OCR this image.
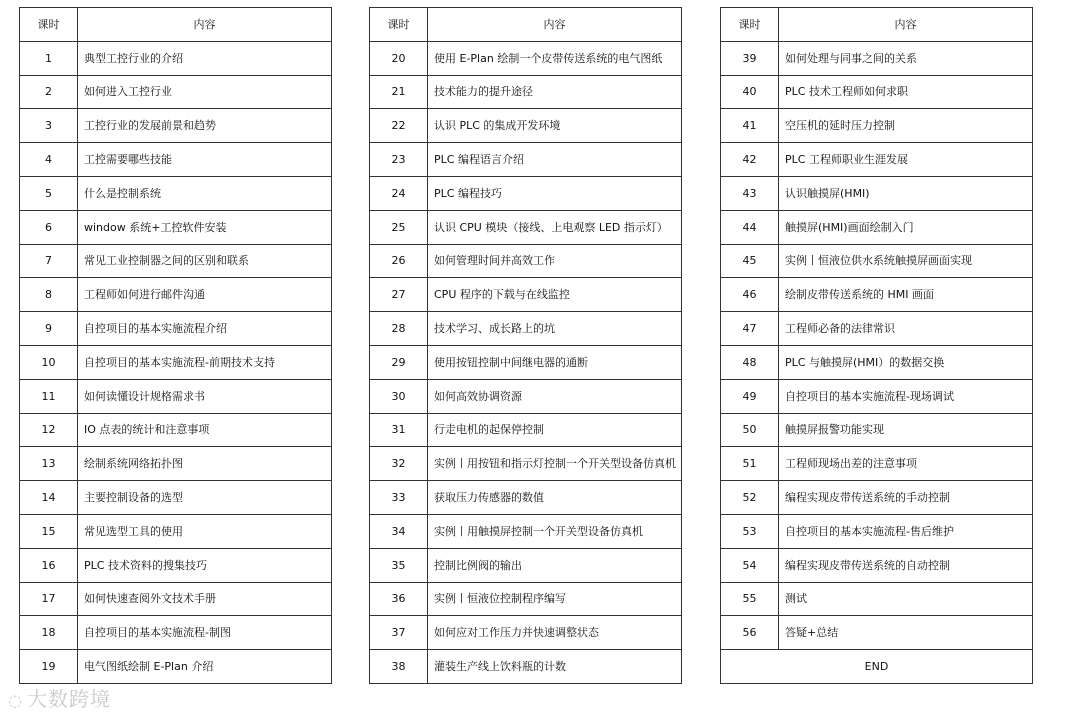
课时	内容
1	典型工控行业的介绍
2	如何进入工控行业
3	工控行业的发展前景和趋势
4	工控需要哪些技能
5	什么是控制系统
6	window 系统+工控软件安装
7	常见工业控制器之间的区别和联系
8	工程师如何进行邮件沟通
9	自控项目的基本实施流程介绍
10	自控项目的基本实施流程-前期技术支持
11	如何读懂设计规格需求书
12	IO 点表的统计和注意事项
13	绘制系统网络拓扑图
14	主要控制设备的选型
15	常见选型工具的使用
16	PLC 技术资料的搜集技巧
17	如何快速查阅外文技术手册
18	自控项目的基本实施流程-制图
19	电气图纸绘制 E-Plan 介绍
课时	内容
20	使用 E-Plan 绘制一个皮带传送系统的电气图纸
21	技术能力的提升途径
22	认识 PLC 的集成开发环境
23	PLC 编程语言介绍
24	PLC 编程技巧
25	认识 CPU 模块（接线、上电观察 LED 指示灯）
26	如何管理时间并高效工作
27	CPU 程序的下载与在线监控
28	技术学习、成长路上的坑
29	使用按钮控制中间继电器的通断
30	如何高效协调资源
31	行走电机的起保停控制
32	实例丨用按钮和指示灯控制一个开关型设备仿真机
33	获取压力传感器的数值
34	实例丨用触摸屏控制一个开关型设备仿真机
35	控制比例阀的输出
36	实例丨恒液位控制程序编写
37	如何应对工作压力并快速调整状态
38	灌装生产线上饮料瓶的计数
课时	内容
39	如何处理与同事之间的关系
40	PLC 技术工程师如何求职
41	空压机的延时压力控制
42	PLC 工程师职业生涯发展
43	认识触摸屏(HMI)
44	触摸屏(HMI)画面绘制入门
45	实例丨恒液位供水系统触摸屏画面实现
46	绘制皮带传送系统的 HMI 画面
47	工程师必备的法律常识
48	PLC 与触摸屏(HMI）的数据交换
49	自控项目的基本实施流程-现场调试
50	触摸屏报警功能实现
51	工程师现场出差的注意事项
52	编程实现皮带传送系统的手动控制
53	自控项目的基本实施流程-售后维护
54	编程实现皮带传送系统的自动控制
55	测试
56	答疑+总结
END	
◌ 大数跨境
